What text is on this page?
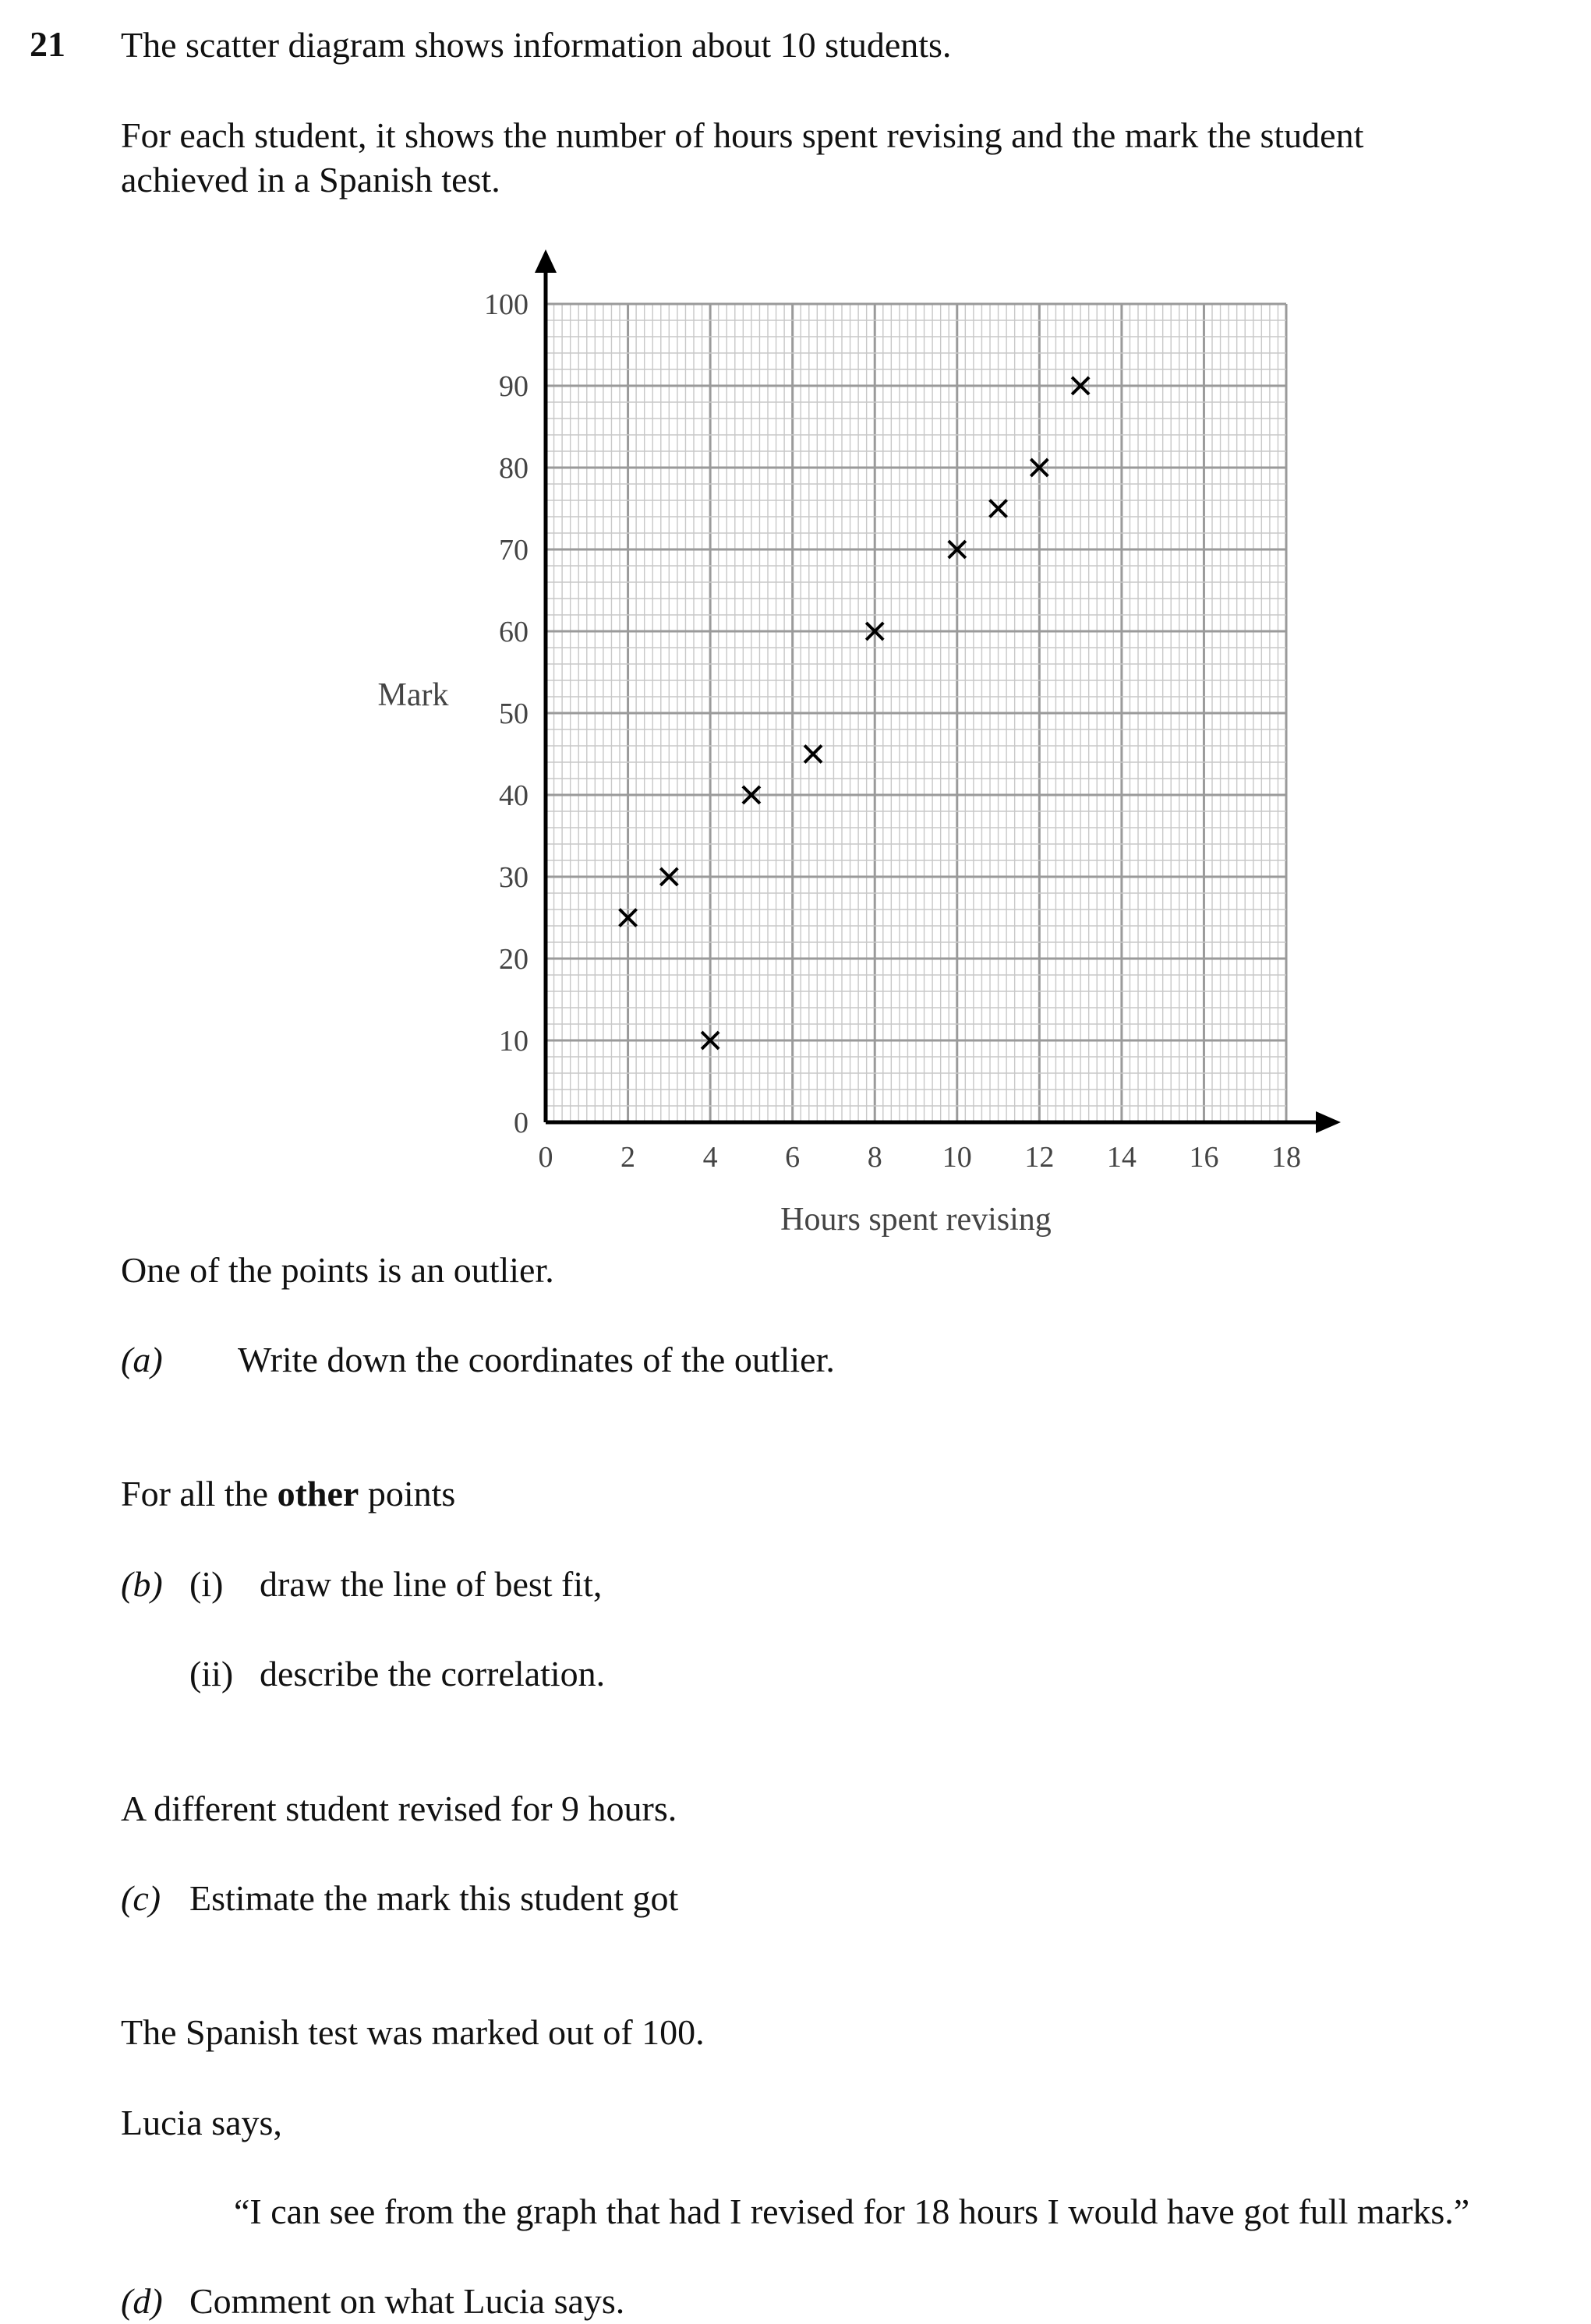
21 The scatter diagram shows information about 10 students.
For each student, it shows the number of hours spent revising and the mark the student
achieved in a Spanish test.
0
10
20
30
40
50
60
70
80
90
100
0 2 4 6 8 10 12 14 16 18
Mark
Hours spent revising
One of the points is an outlier.
(a) Write down the coordinates of the outlier.
For all the other points
(b) (i) draw the line of best fit,
(ii) describe the correlation.
A different student revised for 9 hours.
(c) Estimate the mark this student got
The Spanish test was marked out of 100.
Lucia says,
“I can see from the graph that had I revised for 18 hours I would have got full marks.”
(d) Comment on what Lucia says.
